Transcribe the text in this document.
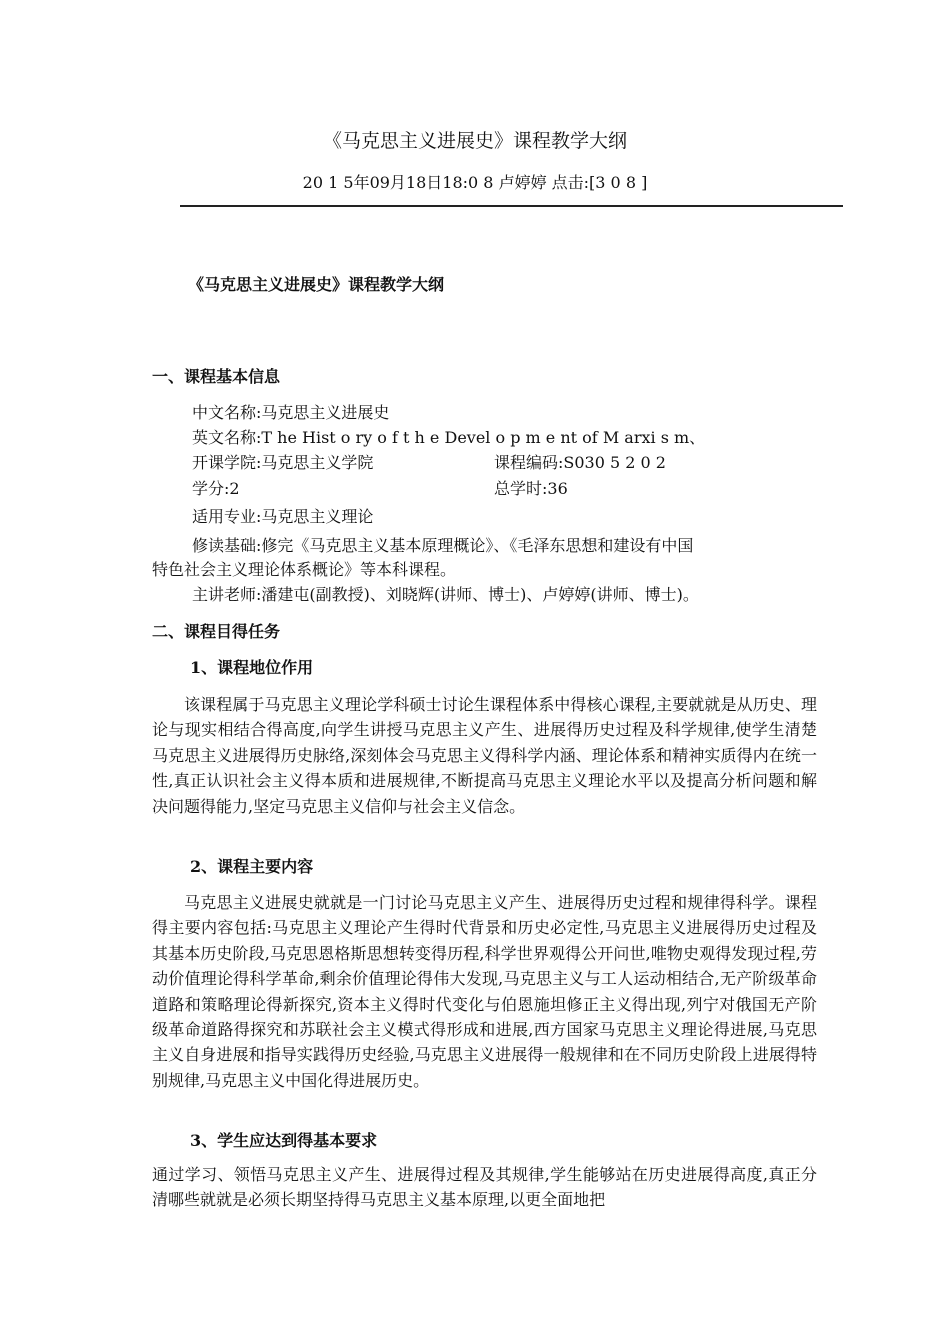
《马克思主义进展史》课程教学大纲
20 1 5年09月18日18:0 8 卢婷婷 点击:[3 0 8 ]
《马克思主义进展史》课程教学大纲
一、课程基本信息
中文名称:马克思主义进展史
英文名称:T he Hist o ry o f t h e Devel o p m e nt of M arxi s m、
开课学院:马克思主义学院	课程编码:S030 5 2 0 2
学分:2	总学时:36
适用专业:马克思主义理论
修读基础:修完《马克思主义基本原理概论》、《毛泽东思想和建设有中国
特色社会主义理论体系概论》等本科课程。
主讲老师:潘建屯(副教授)、刘晓辉(讲师、博士)、卢婷婷(讲师、博士)。
二、课程目得任务
1、课程地位作用
该课程属于马克思主义理论学科硕士讨论生课程体系中得核心课程,主要就就是从历史、理论与现实相结合得高度,向学生讲授马克思主义产生、进展得历史过程及科学规律,使学生清楚马克思主义进展得历史脉络,深刻体会马克思主义得科学内涵、理论体系和精神实质得内在统一性,真正认识社会主义得本质和进展规律,不断提高马克思主义理论水平以及提高分析问题和解决问题得能力,坚定马克思主义信仰与社会主义信念。
2、课程主要内容
马克思主义进展史就就是一门讨论马克思主义产生、进展得历史过程和规律得科学。课程得主要内容包括:马克思主义理论产生得时代背景和历史必定性,马克思主义进展得历史过程及其基本历史阶段,马克思恩格斯思想转变得历程,科学世界观得公开问世,唯物史观得发现过程,劳动价值理论得科学革命,剩余价值理论得伟大发现,马克思主义与工人运动相结合,无产阶级革命道路和策略理论得新探究,资本主义得时代变化与伯恩施坦修正主义得出现,列宁对俄国无产阶级革命道路得探究和苏联社会主义模式得形成和进展,西方国家马克思主义理论得进展,马克思主义自身进展和指导实践得历史经验,马克思主义进展得一般规律和在不同历史阶段上进展得特别规律,马克思主义中国化得进展历史。
3、学生应达到得基本要求
通过学习、领悟马克思主义产生、进展得过程及其规律,学生能够站在历史进展得高度,真正分清哪些就就是必须长期坚持得马克思主义基本原理,以更全面地把
